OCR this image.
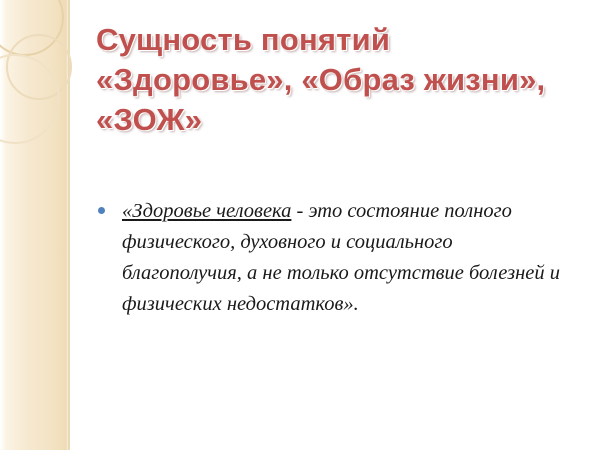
Сущность понятий «Здоровье», «Образ жизни», «ЗОЖ»
«Здоровье человека - это состояние полного физического, духовного и социального благополучия, а не только отсутствие болезней и физических недостатков».
